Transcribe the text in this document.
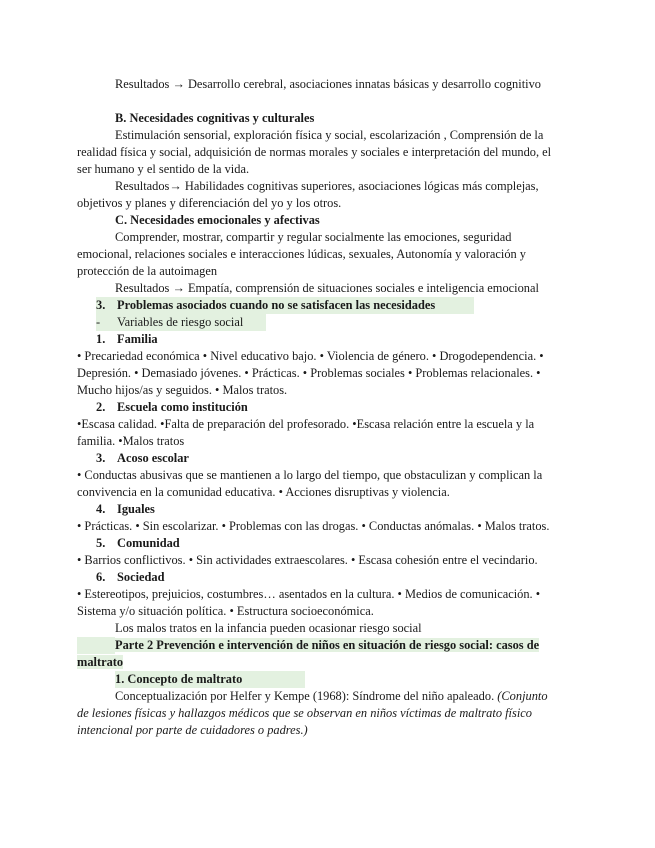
Resultados → Desarrollo cerebral, asociaciones innatas básicas y desarrollo cognitivo
B. Necesidades cognitivas y culturales
Estimulación sensorial, exploración física y social, escolarización , Comprensión de la
realidad física y social, adquisición de normas morales y sociales e interpretación del mundo, el
ser humano y el sentido de la vida.
Resultados→ Habilidades cognitivas superiores, asociaciones lógicas más complejas,
objetivos y planes y diferenciación del yo y los otros.
C. Necesidades emocionales y afectivas
Comprender, mostrar, compartir y regular socialmente las emociones, seguridad
emocional, relaciones sociales e interacciones lúdicas, sexuales, Autonomía y valoración y
protección de la autoimagen
Resultados → Empatía, comprensión de situaciones sociales e inteligencia emocional
3. Problemas asociados cuando no se satisfacen las necesidades
- Variables de riesgo social
1. Familia
• Precariedad económica • Nivel educativo bajo. • Violencia de género. • Drogodependencia. •
Depresión. • Demasiado jóvenes. • Prácticas. • Problemas sociales • Problemas relacionales. •
Mucho hijos/as y seguidos. • Malos tratos.
2. Escuela como institución
•Escasa calidad. •Falta de preparación del profesorado. •Escasa relación entre la escuela y la
familia. •Malos tratos
3. Acoso escolar
• Conductas abusivas que se mantienen a lo largo del tiempo, que obstaculizan y complican la
convivencia en la comunidad educativa. • Acciones disruptivas y violencia.
4. Iguales
• Prácticas. • Sin escolarizar. • Problemas con las drogas. • Conductas anómalas. • Malos tratos.
5. Comunidad
• Barrios conflictivos. • Sin actividades extraescolares. • Escasa cohesión entre el vecindario.
6. Sociedad
• Estereotipos, prejuicios, costumbres… asentados en la cultura. • Medios de comunicación. •
Sistema y/o situación política. • Estructura socioeconómica.
Los malos tratos en la infancia pueden ocasionar riesgo social
Parte 2 Prevención e intervención de niños en situación de riesgo social: casos de
maltrato
1. Concepto de maltrato
Conceptualización por Helfer y Kempe (1968): Síndrome del niño apaleado. (Conjunto
de lesiones físicas y hallazgos médicos que se observan en niños víctimas de maltrato físico
intencional por parte de cuidadores o padres.)
